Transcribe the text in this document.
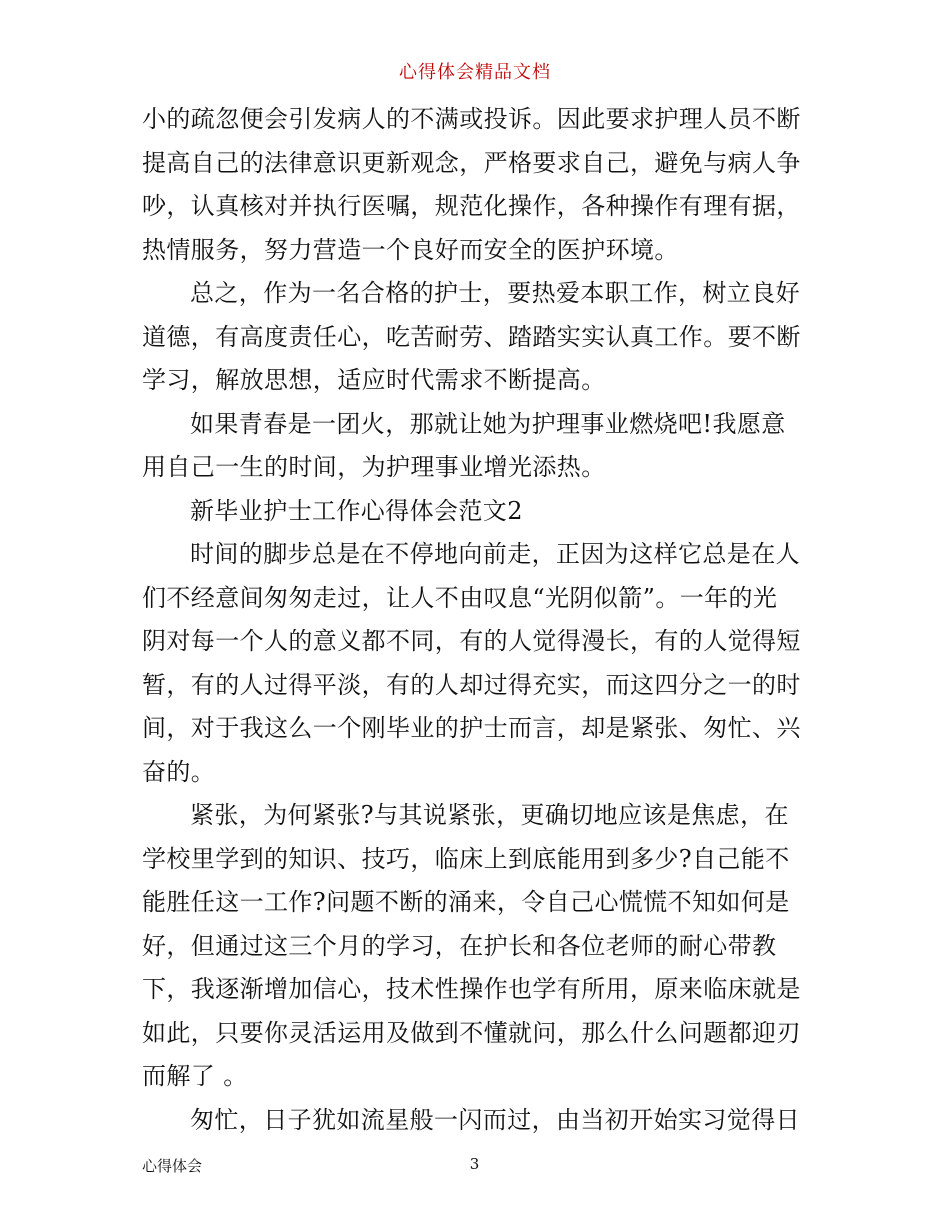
心得体会精品文档
小的疏忽便会引发病人的不满或投诉。因此要求护理人员不断
提高自己的法律意识更新观念，严格要求自己，避免与病人争
吵，认真核对并执行医嘱，规范化操作，各种操作有理有据，
热情服务，努力营造一个良好而安全的医护环境。
总之，作为一名合格的护士，要热爱本职工作，树立良好
道德，有高度责任心，吃苦耐劳、踏踏实实认真工作。要不断
学习，解放思想，适应时代需求不断提高。
如果青春是一团火，那就让她为护理事业燃烧吧!我愿意
用自己一生的时间，为护理事业增光添热。
新毕业护士工作心得体会范文2
时间的脚步总是在不停地向前走，正因为这样它总是在人
们不经意间匆匆走过，让人不由叹息“光阴似箭”。一年的光
阴对每一个人的意义都不同，有的人觉得漫长，有的人觉得短
暂，有的人过得平淡，有的人却过得充实，而这四分之一的时
间，对于我这么一个刚毕业的护士而言，却是紧张、匆忙、兴
奋的。
紧张，为何紧张?与其说紧张，更确切地应该是焦虑，在
学校里学到的知识、技巧，临床上到底能用到多少?自己能不
能胜任这一工作?问题不断的涌来，令自己心慌慌不知如何是
好，但通过这三个月的学习，在护长和各位老师的耐心带教
下，我逐渐增加信心，技术性操作也学有所用，原来临床就是
如此，只要你灵活运用及做到不懂就问，那么什么问题都迎刃
而解了 。
匆忙，日子犹如流星般一闪而过，由当初开始实习觉得日
心得体会	3
